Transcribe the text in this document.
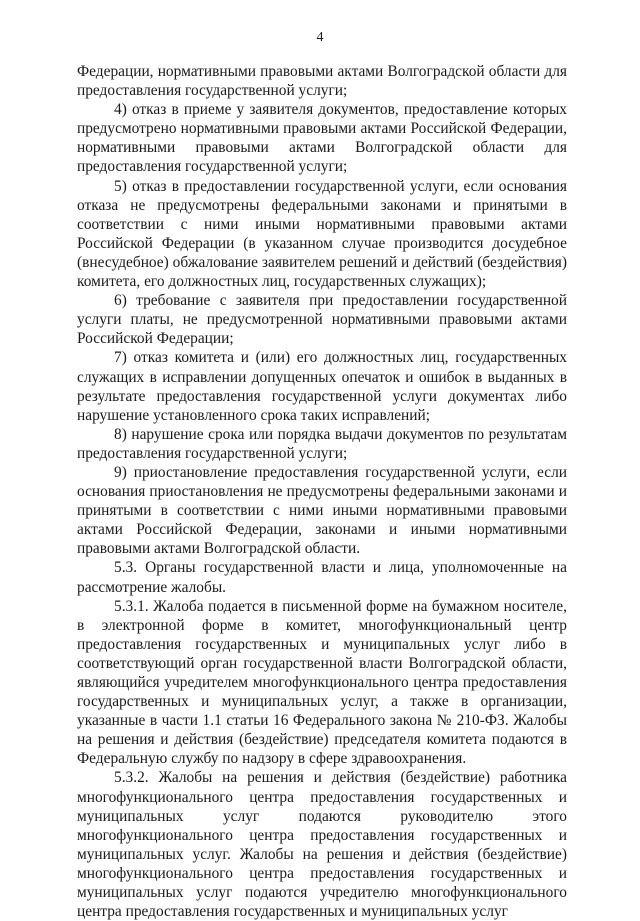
4

Федерации, нормативными правовыми актами Волгоградской области для предоставления государственной услуги;

4) отказ в приеме у заявителя документов, предоставление которых предусмотрено нормативными правовыми актами Российской Федерации, нормативными правовыми актами Волгоградской области для предоставления государственной услуги;

5) отказ в предоставлении государственной услуги, если основания отказа не предусмотрены федеральными законами и принятыми в соответствии с ними иными нормативными правовыми актами Российской Федерации (в указанном случае производится досудебное (внесудебное) обжалование заявителем решений и действий (бездействия) комитета, его должностных лиц, государственных служащих);

6) требование с заявителя при предоставлении государственной услуги платы, не предусмотренной нормативными правовыми актами Российской Федерации;

7) отказ комитета и (или) его должностных лиц, государственных служащих в исправлении допущенных опечаток и ошибок в выданных в результате предоставления государственной услуги документах либо нарушение установленного срока таких исправлений;

8) нарушение срока или порядка выдачи документов по результатам предоставления государственной услуги;

9) приостановление предоставления государственной услуги, если основания приостановления не предусмотрены федеральными законами и принятыми в соответствии с ними иными нормативными правовыми актами Российской Федерации, законами и иными нормативными правовыми актами Волгоградской области.

5.3. Органы государственной власти и лица, уполномоченные на рассмотрение жалобы.

5.3.1. Жалоба подается в письменной форме на бумажном носителе, в электронной форме в комитет, многофункциональный центр предоставления государственных и муниципальных услуг либо в соответствующий орган государственной власти Волгоградской области, являющийся учредителем многофункционального центра предоставления государственных и муниципальных услуг, а также в организации, указанные в части 1.1 статьи 16 Федерального закона № 210-ФЗ. Жалобы на решения и действия (бездействие) председателя комитета подаются в Федеральную службу по надзору в сфере здравоохранения.

5.3.2. Жалобы на решения и действия (бездействие) работника многофункционального центра предоставления государственных и муниципальных услуг подаются руководителю этого многофункционального центра предоставления государственных и муниципальных услуг. Жалобы на решения и действия (бездействие) многофункционального центра предоставления государственных и муниципальных услуг подаются учредителю многофункционального центра предоставления государственных и муниципальных услуг
